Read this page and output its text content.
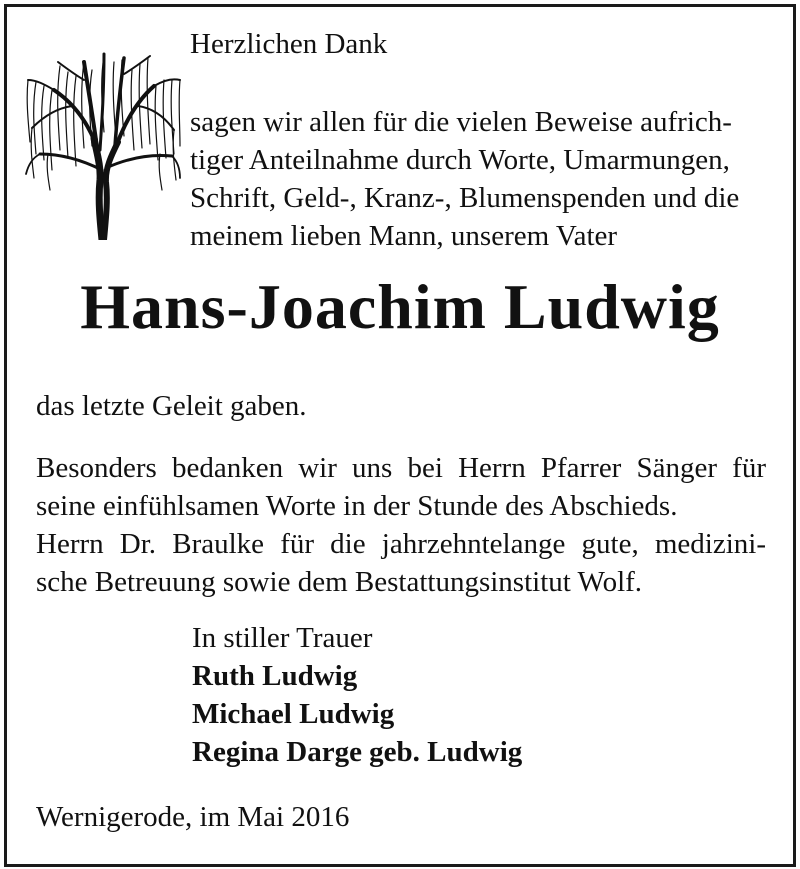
Herzlichen Dank
sagen wir allen für die vielen Beweise aufrich-
tiger Anteilnahme durch Worte, Umarmungen,
Schrift, Geld-, Kranz-, Blumenspenden und die
meinem lieben Mann, unserem Vater
Hans-Joachim Ludwig
das letzte Geleit gaben.
Besonders bedanken wir uns bei Herrn Pfarrer Sänger für
seine einfühlsamen Worte in der Stunde des Abschieds.
Herrn Dr. Braulke für die jahrzehntelange gute, medizini-
sche Betreuung sowie dem Bestattungsinstitut Wolf.
In stiller Trauer
Ruth Ludwig
Michael Ludwig
Regina Darge geb. Ludwig
Wernigerode, im Mai 2016
